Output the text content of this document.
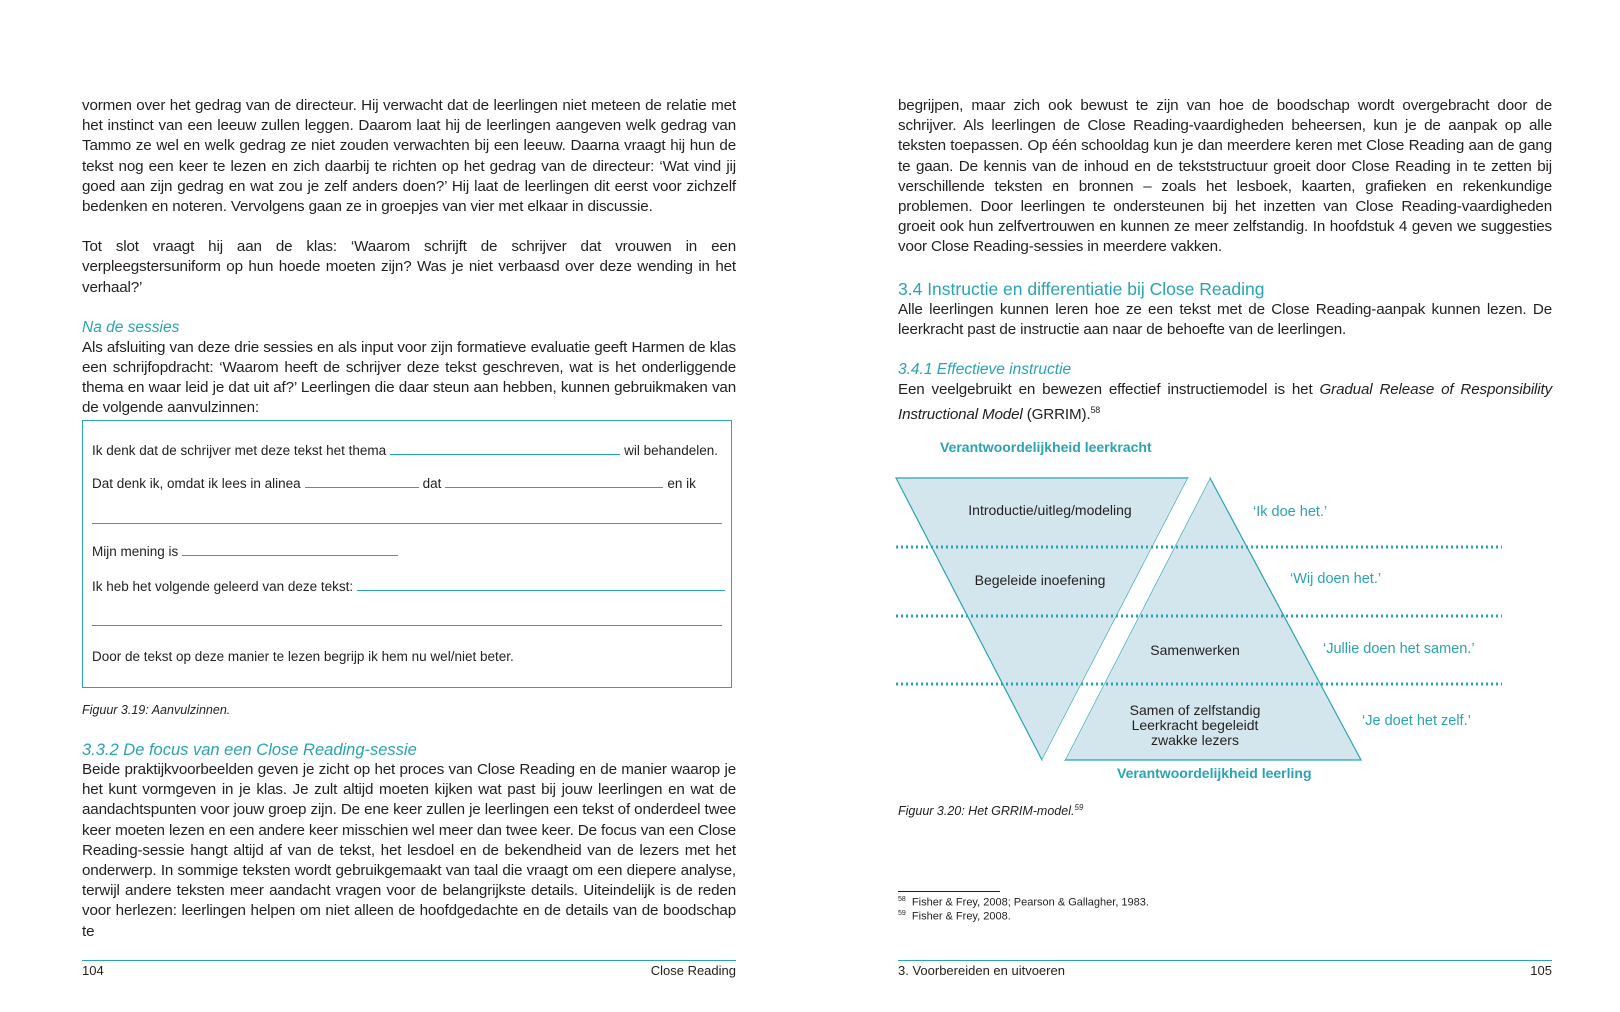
vormen over het gedrag van de directeur. Hij verwacht dat de leerlingen niet meteen de relatie met het instinct van een leeuw zullen leggen. Daarom laat hij de leerlingen aangeven welk gedrag van Tammo ze wel en welk gedrag ze niet zouden verwachten bij een leeuw. Daarna vraagt hij hun de tekst nog een keer te lezen en zich daarbij te richten op het gedrag van de directeur: ‘Wat vind jij goed aan zijn gedrag en wat zou je zelf anders doen?’ Hij laat de leerlingen dit eerst voor zichzelf bedenken en noteren. Vervolgens gaan ze in groepjes van vier met elkaar in discussie.

Tot slot vraagt hij aan de klas: ‘Waarom schrijft de schrijver dat vrouwen in een verpleegstersuniform op hun hoede moeten zijn? Was je niet verbaasd over deze wending in het verhaal?’

Na de sessies

Als afsluiting van deze drie sessies en als input voor zijn formatieve evaluatie geeft Harmen de klas een schrijfopdracht: ‘Waarom heeft de schrijver deze tekst geschreven, wat is het onderliggende thema en waar leid je dat uit af?’ Leerlingen die daar steun aan hebben, kunnen gebruikmaken van de volgende aanvulzinnen:

Ik denk dat de schrijver met deze tekst het thema	wil behandelen.
Dat denk ik, omdat ik lees in alinea	dat	en ik
Mijn mening is
Ik heb het volgende geleerd van deze tekst:
Door de tekst op deze manier te lezen begrijp ik hem nu wel/niet beter.
Figuur 3.19: Aanvulzinnen.

3.3.2 De focus van een Close Reading-sessie

Beide praktijkvoorbeelden geven je zicht op het proces van Close Reading en de manier waarop je het kunt vormgeven in je klas. Je zult altijd moeten kijken wat past bij jouw leerlingen en wat de aandachtspunten voor jouw groep zijn. De ene keer zullen je leerlingen een tekst of onderdeel twee keer moeten lezen en een andere keer misschien wel meer dan twee keer. De focus van een Close Reading-sessie hangt altijd af van de tekst, het lesdoel en de bekendheid van de lezers met het onderwerp. In sommige teksten wordt gebruikgemaakt van taal die vraagt om een diepere analyse, terwijl andere teksten meer aandacht vragen voor de belangrijkste details. Uiteindelijk is de reden voor herlezen: leerlingen helpen om niet alleen de hoofdgedachte en de details van de boodschap te

104	Close Reading

begrijpen, maar zich ook bewust te zijn van hoe de boodschap wordt overgebracht door de schrijver. Als leerlingen de Close Reading-vaardigheden beheersen, kun je de aanpak op alle teksten toepassen. Op één schooldag kun je dan meerdere keren met Close Reading aan de gang te gaan. De kennis van de inhoud en de tekststructuur groeit door Close Reading in te zetten bij verschillende teksten en bronnen – zoals het lesboek, kaarten, grafieken en rekenkundige problemen. Door leerlingen te ondersteunen bij het inzetten van Close Reading-vaardigheden groeit ook hun zelfvertrouwen en kunnen ze meer zelfstandig. In hoofdstuk 4 geven we suggesties voor Close Reading-sessies in meerdere vakken.

3.4 Instructie en differentiatie bij Close Reading

Alle leerlingen kunnen leren hoe ze een tekst met de Close Reading-aanpak kunnen lezen. De leerkracht past de instructie aan naar de behoefte van de leerlingen.

3.4.1 Effectieve instructie

Een veelgebruikt en bewezen effectief instructiemodel is het Gradual Release of Responsibility Instructional Model (GRRIM).$^{58}$

Verantwoordelijkheid leerkracht
Introductie/uitleg/modeling
Begeleide inoefening
Samenwerken
Samen of zelfstandig
Leerkracht begeleidt
zwakke lezers
‘Ik doe het.’
‘Wij doen het.’
‘Jullie doen het samen.’
‘Je doet het zelf.’
Verantwoordelijkheid leerling
Figuur 3.20: Het GRRIM-model.$^{59}$
$^{58}$ Fisher & Frey, 2008; Pearson & Gallagher, 1983.
$^{59}$ Fisher & Frey, 2008.
3. Voorbereiden en uitvoeren	105
